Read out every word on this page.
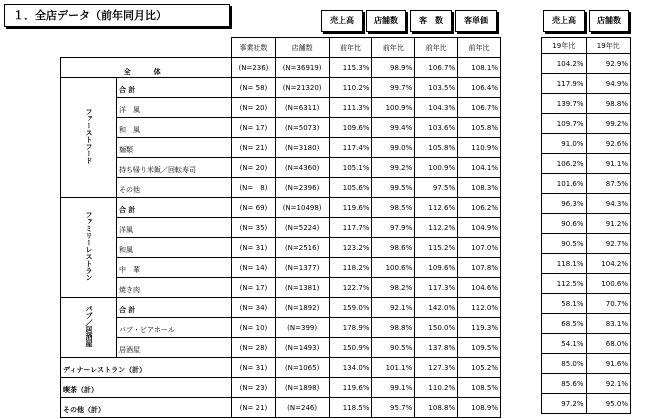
１．全店データ（前年同月比）	売上高	店舗数	客　数	客単価	売上高	店舗数
		事業社数	店舗数	前年比	前年比	前年比	前年比
全　体		(N=236)	(N=36919)	115.3%	98.9%	106.7%	108.1%
ファーストフード	合 計	(N= 58)	(N=21320)	110.2%	99.7%	103.5%	106.4%
	洋　風	(N= 20)	(N=6311)	111.3%	100.9%	104.3%	106.7%
	和　風	(N= 17)	(N=5073)	109.6%	99.4%	103.6%	105.8%
	麺類	(N= 21)	(N=3180)	117.4%	99.0%	105.8%	110.9%
	持ち帰り米飯／回転寿司	(N= 20)	(N=4360)	105.1%	99.2%	100.9%	104.1%
	その他	(N=　8)	(N=2396)	105.6%	99.5%	97.5%	108.3%
ファミリーレストラン	合 計	(N= 69)	(N=10498)	119.6%	98.5%	112.6%	106.2%
	洋風	(N= 35)	(N=5224)	117.7%	97.9%	112.2%	104.9%
	和風	(N= 31)	(N=2516)	123.2%	98.6%	115.2%	107.0%
	中　華	(N= 14)	(N=1377)	118.2%	100.6%	109.6%	107.8%
	焼き肉	(N= 17)	(N=1381)	122.7%	98.2%	117.3%	104.6%
パブ／居酒屋	合 計	(N= 34)	(N=1892)	159.0%	92.1%	142.0%	112.0%
	パブ・ビアホール	(N= 10)	(N=399)	178.9%	98.8%	150.0%	119.3%
	居酒屋	(N= 28)	(N=1493)	150.9%	90.5%	137.8%	109.5%
ディナーレストラン（計）		(N= 31)	(N=1065)	134.0%	101.1%	127.3%	105.2%
喫茶（計）		(N= 23)	(N=1898)	119.6%	99.1%	110.2%	108.5%
その他（計）		(N= 21)	(N=246)	118.5%	95.7%	108.8%	108.9%
19年比	19年比
104.2%	92.9%
117.9%	94.9%
139.7%	98.8%
109.7%	99.2%
91.0%	92.6%
106.2%	91.1%
101.6%	87.5%
96.3%	94.3%
90.6%	91.2%
90.5%	92.7%
118.1%	104.2%
112.5%	100.6%
58.1%	70.7%
68.5%	83.1%
54.1%	68.0%
85.0%	91.6%
85.6%	92.1%
97.2%	95.0%
